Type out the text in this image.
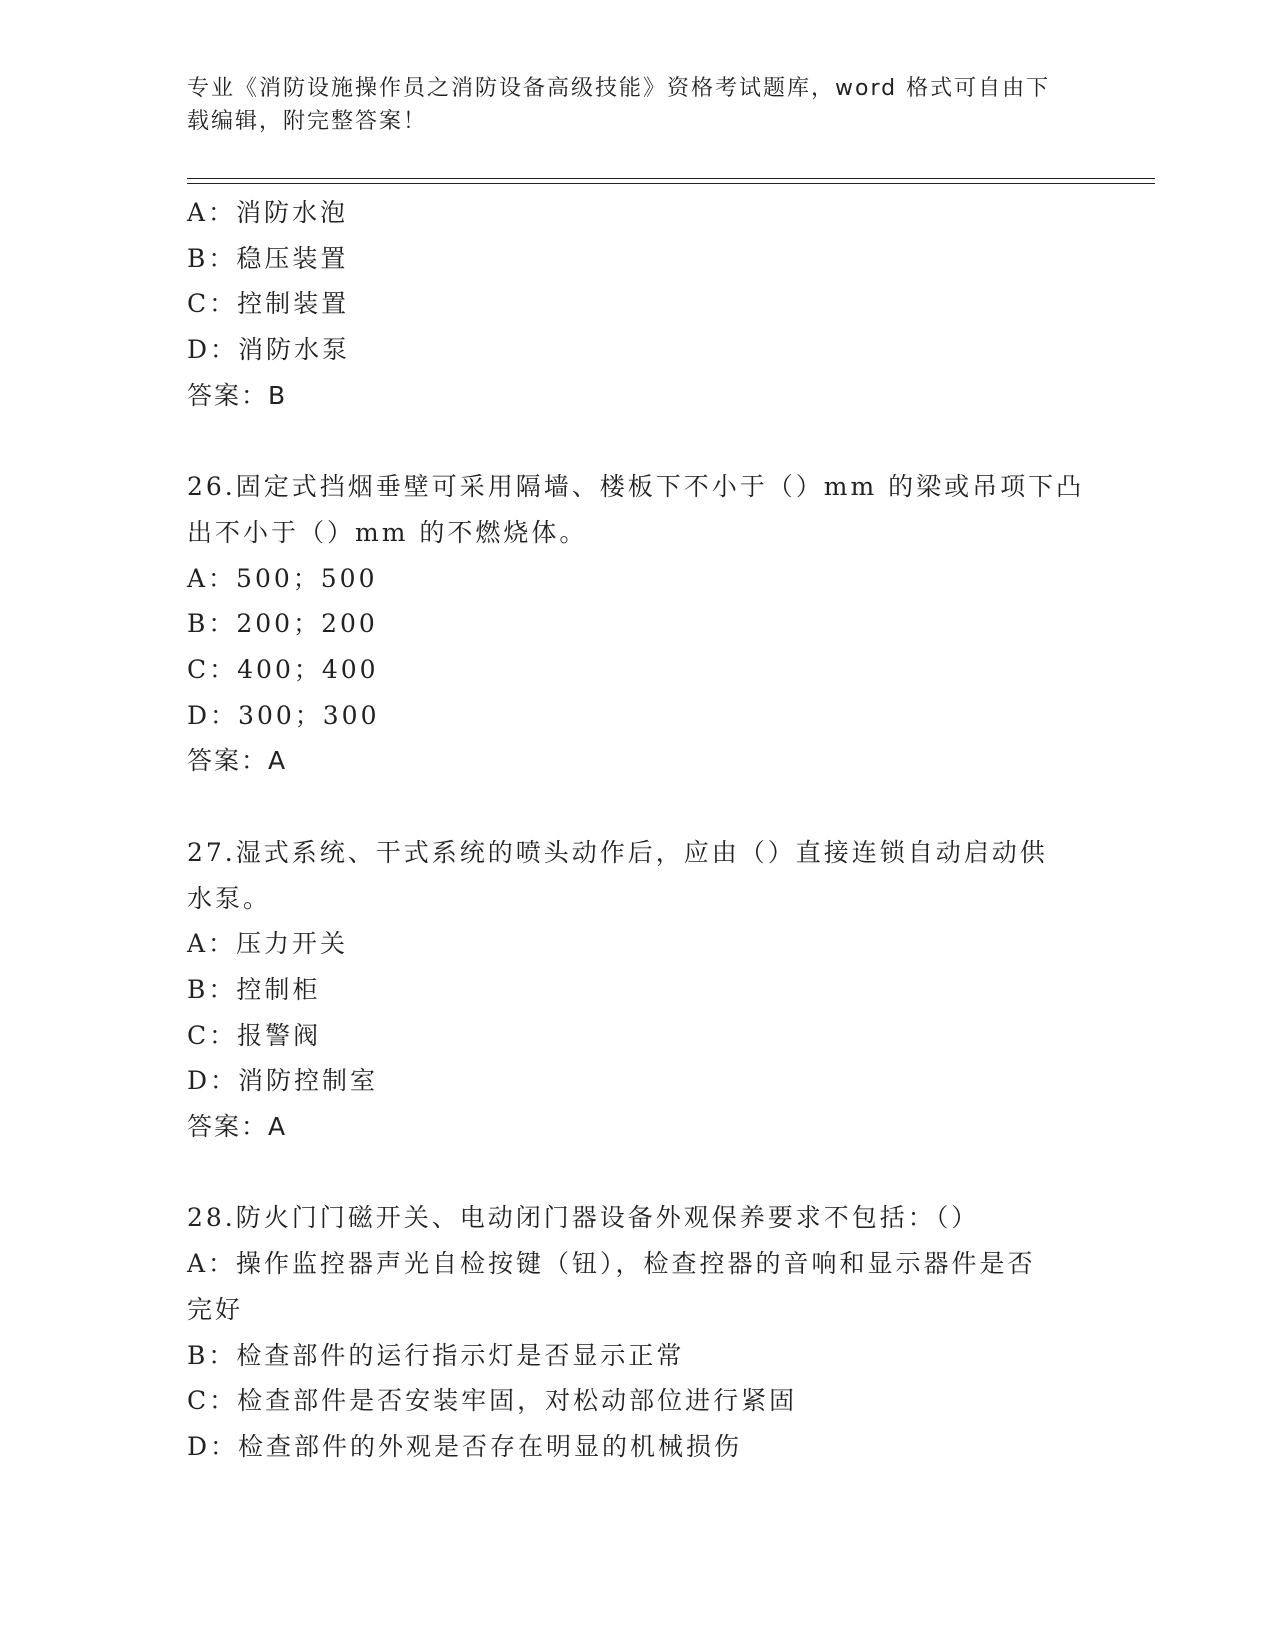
专业《消防设施操作员之消防设备高级技能》资格考试题库，word 格式可自由下
载编辑，附完整答案！
A：消防水泡
B：稳压装置
C：控制装置
D：消防水泵
答案：B
26.固定式挡烟垂壁可采用隔墙、楼板下不小于（）mm 的梁或吊项下凸
出不小于（）mm 的不燃烧体。
A：500；500
B：200；200
C：400；400
D：300；300
答案：A
27.湿式系统、干式系统的喷头动作后，应由（）直接连锁自动启动供
水泵。
A：压力开关
B：控制柜
C：报警阀
D：消防控制室
答案：A
28.防火门门磁开关、电动闭门器设备外观保养要求不包括：（）
A：操作监控器声光自检按键（钮），检查控器的音响和显示器件是否
完好
B：检查部件的运行指示灯是否显示正常
C：检查部件是否安装牢固，对松动部位进行紧固
D：检查部件的外观是否存在明显的机械损伤
